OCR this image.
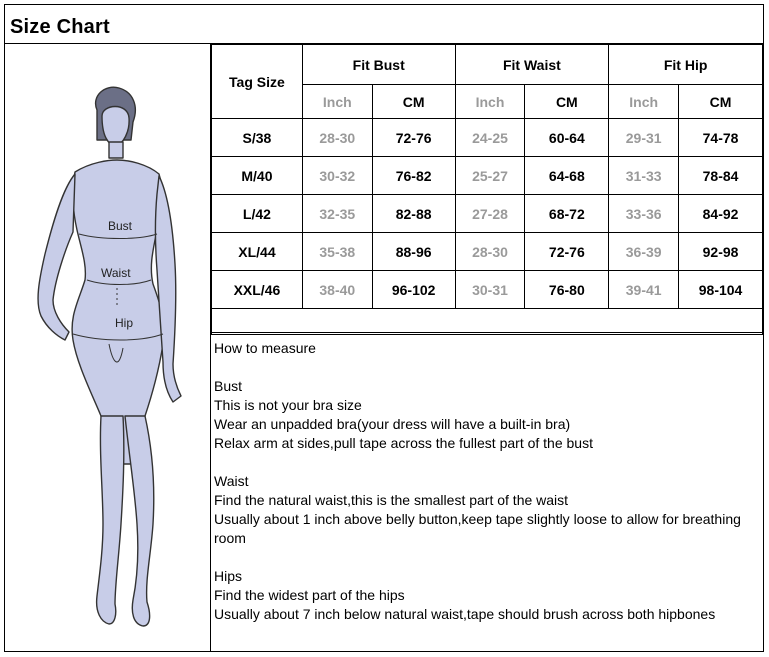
Size Chart
Bust
Waist
Hip
Tag Size	Fit Bust		Fit Waist		Fit Hip	
	Inch	CM	Inch	CM	Inch	CM
S/38	28-30	72-76	24-25	60-64	29-31	74-78
M/40	30-32	76-82	25-27	64-68	31-33	78-84
L/42	32-35	82-88	27-28	68-72	33-36	84-92
XL/44	35-38	88-96	28-30	72-76	36-39	92-98
XXL/46	38-40	96-102	30-31	76-80	39-41	98-104

How to measure

Bust

This is not your bra size

Wear an unpadded bra(your dress will have a built-in bra)

Relax arm at sides,pull tape across the fullest part of the bust

Waist

Find the natural waist,this is the smallest part of the waist

Usually about 1 inch above belly button,keep tape slightly loose to allow for breathing

room

Hips

Find the widest part of the hips

Usually about 7 inch below natural waist,tape should brush across both hipbones
